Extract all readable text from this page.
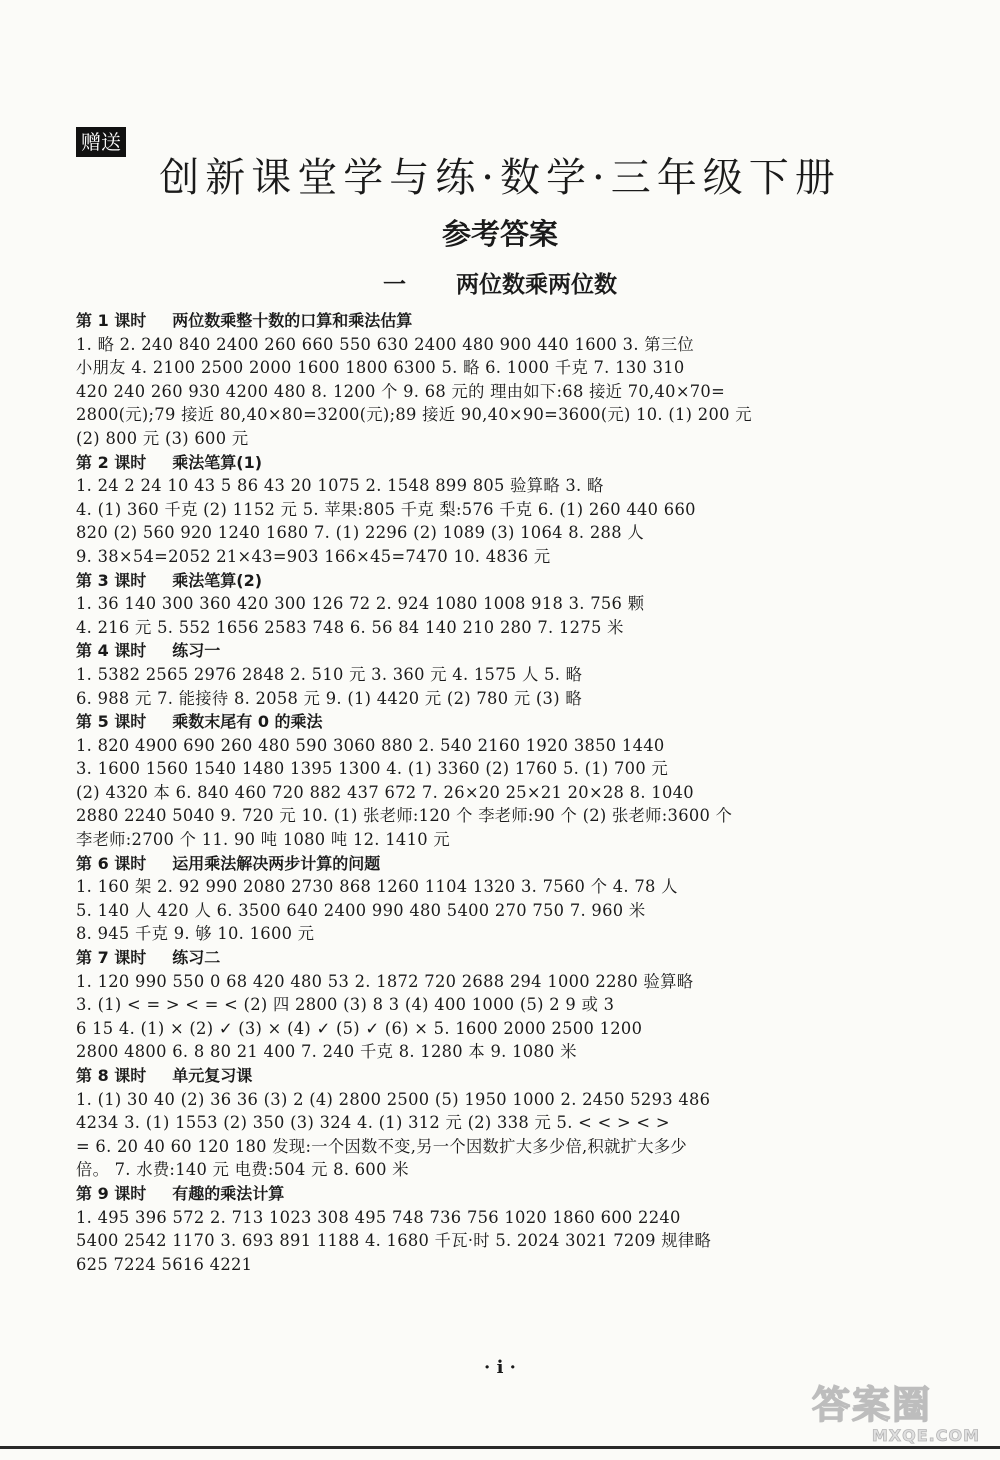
赠送
创新课堂学与练·数学·三年级下册
参考答案
一 两位数乘两位数
第 1 课时 两位数乘整十数的口算和乘法估算
1. 略 2. 240 840 2400 260 660 550 630 2400 480 900 440 1600 3. 第三位
小朋友 4. 2100 2500 2000 1600 1800 6300 5. 略 6. 1000 千克 7. 130 310
420 240 260 930 4200 480 8. 1200 个 9. 68 元的 理由如下:68 接近 70,40×70=
2800(元);79 接近 80,40×80=3200(元);89 接近 90,40×90=3600(元) 10. (1) 200 元
(2) 800 元 (3) 600 元
第 2 课时 乘法笔算(1)
1. 24 2 24 10 43 5 86 43 20 1075 2. 1548 899 805 验算略 3. 略
4. (1) 360 千克 (2) 1152 元 5. 苹果:805 千克 梨:576 千克 6. (1) 260 440 660
820 (2) 560 920 1240 1680 7. (1) 2296 (2) 1089 (3) 1064 8. 288 人
9. 38×54=2052 21×43=903 166×45=7470 10. 4836 元
第 3 课时 乘法笔算(2)
1. 36 140 300 360 420 300 126 72 2. 924 1080 1008 918 3. 756 颗
4. 216 元 5. 552 1656 2583 748 6. 56 84 140 210 280 7. 1275 米
第 4 课时 练习一
1. 5382 2565 2976 2848 2. 510 元 3. 360 元 4. 1575 人 5. 略
6. 988 元 7. 能接待 8. 2058 元 9. (1) 4420 元 (2) 780 元 (3) 略
第 5 课时 乘数末尾有 0 的乘法
1. 820 4900 690 260 480 590 3060 880 2. 540 2160 1920 3850 1440
3. 1600 1560 1540 1480 1395 1300 4. (1) 3360 (2) 1760 5. (1) 700 元
(2) 4320 本 6. 840 460 720 882 437 672 7. 26×20 25×21 20×28 8. 1040
2880 2240 5040 9. 720 元 10. (1) 张老师:120 个 李老师:90 个 (2) 张老师:3600 个
李老师:2700 个 11. 90 吨 1080 吨 12. 1410 元
第 6 课时 运用乘法解决两步计算的问题
1. 160 架 2. 92 990 2080 2730 868 1260 1104 1320 3. 7560 个 4. 78 人
5. 140 人 420 人 6. 3500 640 2400 990 480 5400 270 750 7. 960 米
8. 945 千克 9. 够 10. 1600 元
第 7 课时 练习二
1. 120 990 550 0 68 420 480 53 2. 1872 720 2688 294 1000 2280 验算略
3. (1) < = > < = < (2) 四 2800 (3) 8 3 (4) 400 1000 (5) 2 9 或 3
6 15 4. (1) × (2) ✓ (3) × (4) ✓ (5) ✓ (6) × 5. 1600 2000 2500 1200
2800 4800 6. 8 80 21 400 7. 240 千克 8. 1280 本 9. 1080 米
第 8 课时 单元复习课
1. (1) 30 40 (2) 36 36 (3) 2 (4) 2800 2500 (5) 1950 1000 2. 2450 5293 486
4234 3. (1) 1553 (2) 350 (3) 324 4. (1) 312 元 (2) 338 元 5. < < > < >
= 6. 20 40 60 120 180 发现:一个因数不变,另一个因数扩大多少倍,积就扩大多少
倍。 7. 水费:140 元 电费:504 元 8. 600 米
第 9 课时 有趣的乘法计算
1. 495 396 572 2. 713 1023 308 495 748 736 756 1020 1860 600 2240
5400 2542 1170 3. 693 891 1188 4. 1680 千瓦·时 5. 2024 3021 7209 规律略
625 7224 5616 4221
· i ·
答案圈
MXQE.COM
